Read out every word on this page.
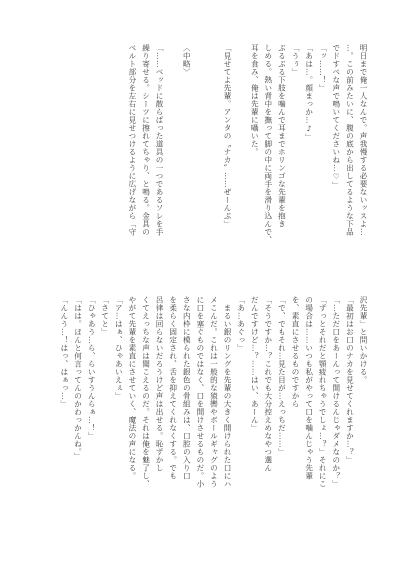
明日まで俺一人なんで。声我慢する必要ないッスよ…
…。この前みたいに、腹の底から出してるような下品
でドすべな声で鳴いてくださいね…♡」
「ッ……！」
「あは…。顔まっか…♪」
「うぅ」
ぶるぶる下肢を噛んで耳までホリンゴな先輩を抱き
しめる。熱い背中を撫って脚の中に両手を滑り込んで、
耳を食み、俺は先輩に囁いた。

「見せてよ先輩。アンタの〝ナカ〟……ぜーんぶ」

〈中略〉

「……ベッドに散らばった道具の一つであるソレを手
繰り寄せる。シーツに擦れてちゃり、と鳴る。金具の
ベルト部分を左右に見せつけるように広げながら「守
沢先輩」と問いかける。
「最初はお口のナカを見せてくれますか…？」
「…ただ口をあーんって開けるんじゃダメなのか？」
「ずっとそれだと顎疲れちゃうでしょ…？」それにこ
の場合は……いつも私がやって口を噛んじゃう先輩
を、素直にさせるものですから
「で、でもそれ…見た目が…えっちだ……」
「そうですか…？これでも大分控えめなやつ選ん
だんですけど…？……はい、あーん」
「あ…あぐっ」
　まるい銀のリングを先輩の大きく開けられた口にハ
メこんだ。これは一般的な猿轡やボールギャグのよう
に口を塞ぐものではなく、口を開けさせるものだ。小
さな内枠に模られた銀色の骨組みは、口腔の入り口
を柔らく固定され、舌を抑えてくれなくする。でも
呂律は回らないだろうけど声は出せる。恥ずかし
くてえっちな声は聞こえるのだ。それは俺を魅了し、
やがて先輩を素直にさせていく、魔法の声になる。
「ア…はぁ、ひゃあいえぇ」
「さてと」
「ひゃあう…ら、らいすうんらぁ…！」
「はは。ほんと何言ってんのかわっかんね。」
「んんう…！はっ、はぁっ…」
